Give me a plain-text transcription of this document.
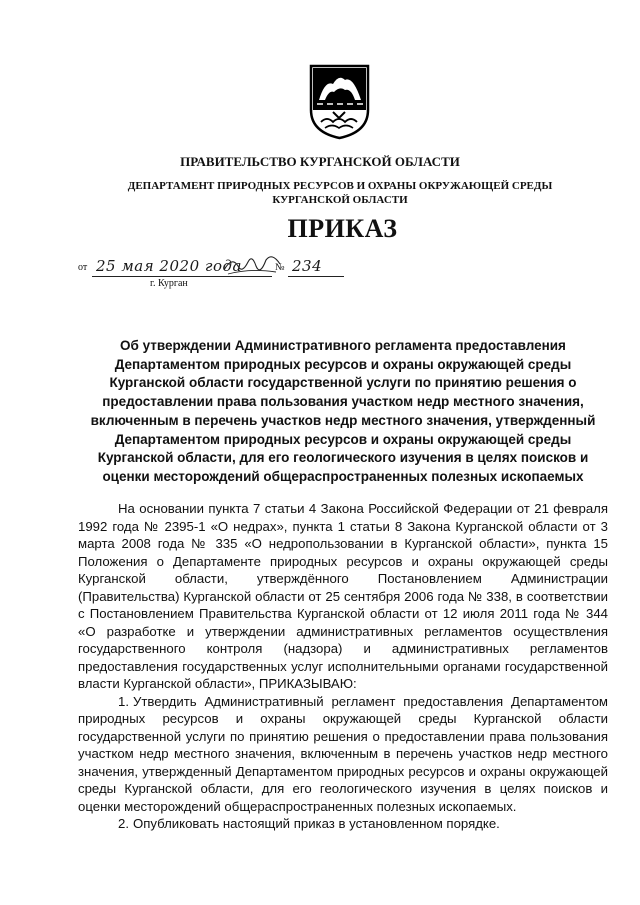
ПРАВИТЕЛЬСТВО КУРГАНСКОЙ ОБЛАСТИ
ДЕПАРТАМЕНТ ПРИРОДНЫХ РЕСУРСОВ И ОХРАНЫ ОКРУЖАЮЩЕЙ СРЕДЫ
КУРГАНСКОЙ ОБЛАСТИ
ПРИКАЗ
от 25 мая 2020 года	№ 234
г. Курган

Об утверждении Административного регламента предоставления Департаментом природных ресурсов и охраны окружающей среды Курганской области государственной услуги по принятию решения о предоставлении права пользования участком недр местного значения, включенным в перечень участков недр местного значения, утвержденный Департаментом природных ресурсов и охраны окружающей среды Курганской области, для его геологического изучения в целях поисков и оценки месторождений общераспространенных полезных ископаемых

На основании пункта 7 статьи 4 Закона Российской Федерации от 21 февраля 1992 года № 2395-1 «О недрах», пункта 1 статьи 8 Закона Курганской области от 3 марта 2008 года № 335 «О недропользовании в Курганской области», пункта 15 Положения о Департаменте природных ресурсов и охраны окружающей среды Курганской области, утверждённого Постановлением Администрации (Правительства) Курганской области от 25 сентября 2006 года № 338, в соответствии с Постановлением Правительства Курганской области от 12 июля 2011 года № 344 «О разработке и утверждении административных регламентов осуществления государственного контроля (надзора) и административных регламентов предоставления государственных услуг исполнительными органами государственной власти Курганской области», ПРИКАЗЫВАЮ:

1. Утвердить Административный регламент предоставления Департаментом природных ресурсов и охраны окружающей среды Курганской области государственной услуги по принятию решения о предоставлении права пользования участком недр местного значения, включенным в перечень участков недр местного значения, утвержденный Департаментом природных ресурсов и охраны окружающей среды Курганской области, для его геологического изучения в целях поисков и оценки месторождений общераспространенных полезных ископаемых.

2. Опубликовать настоящий приказ в установленном порядке.
